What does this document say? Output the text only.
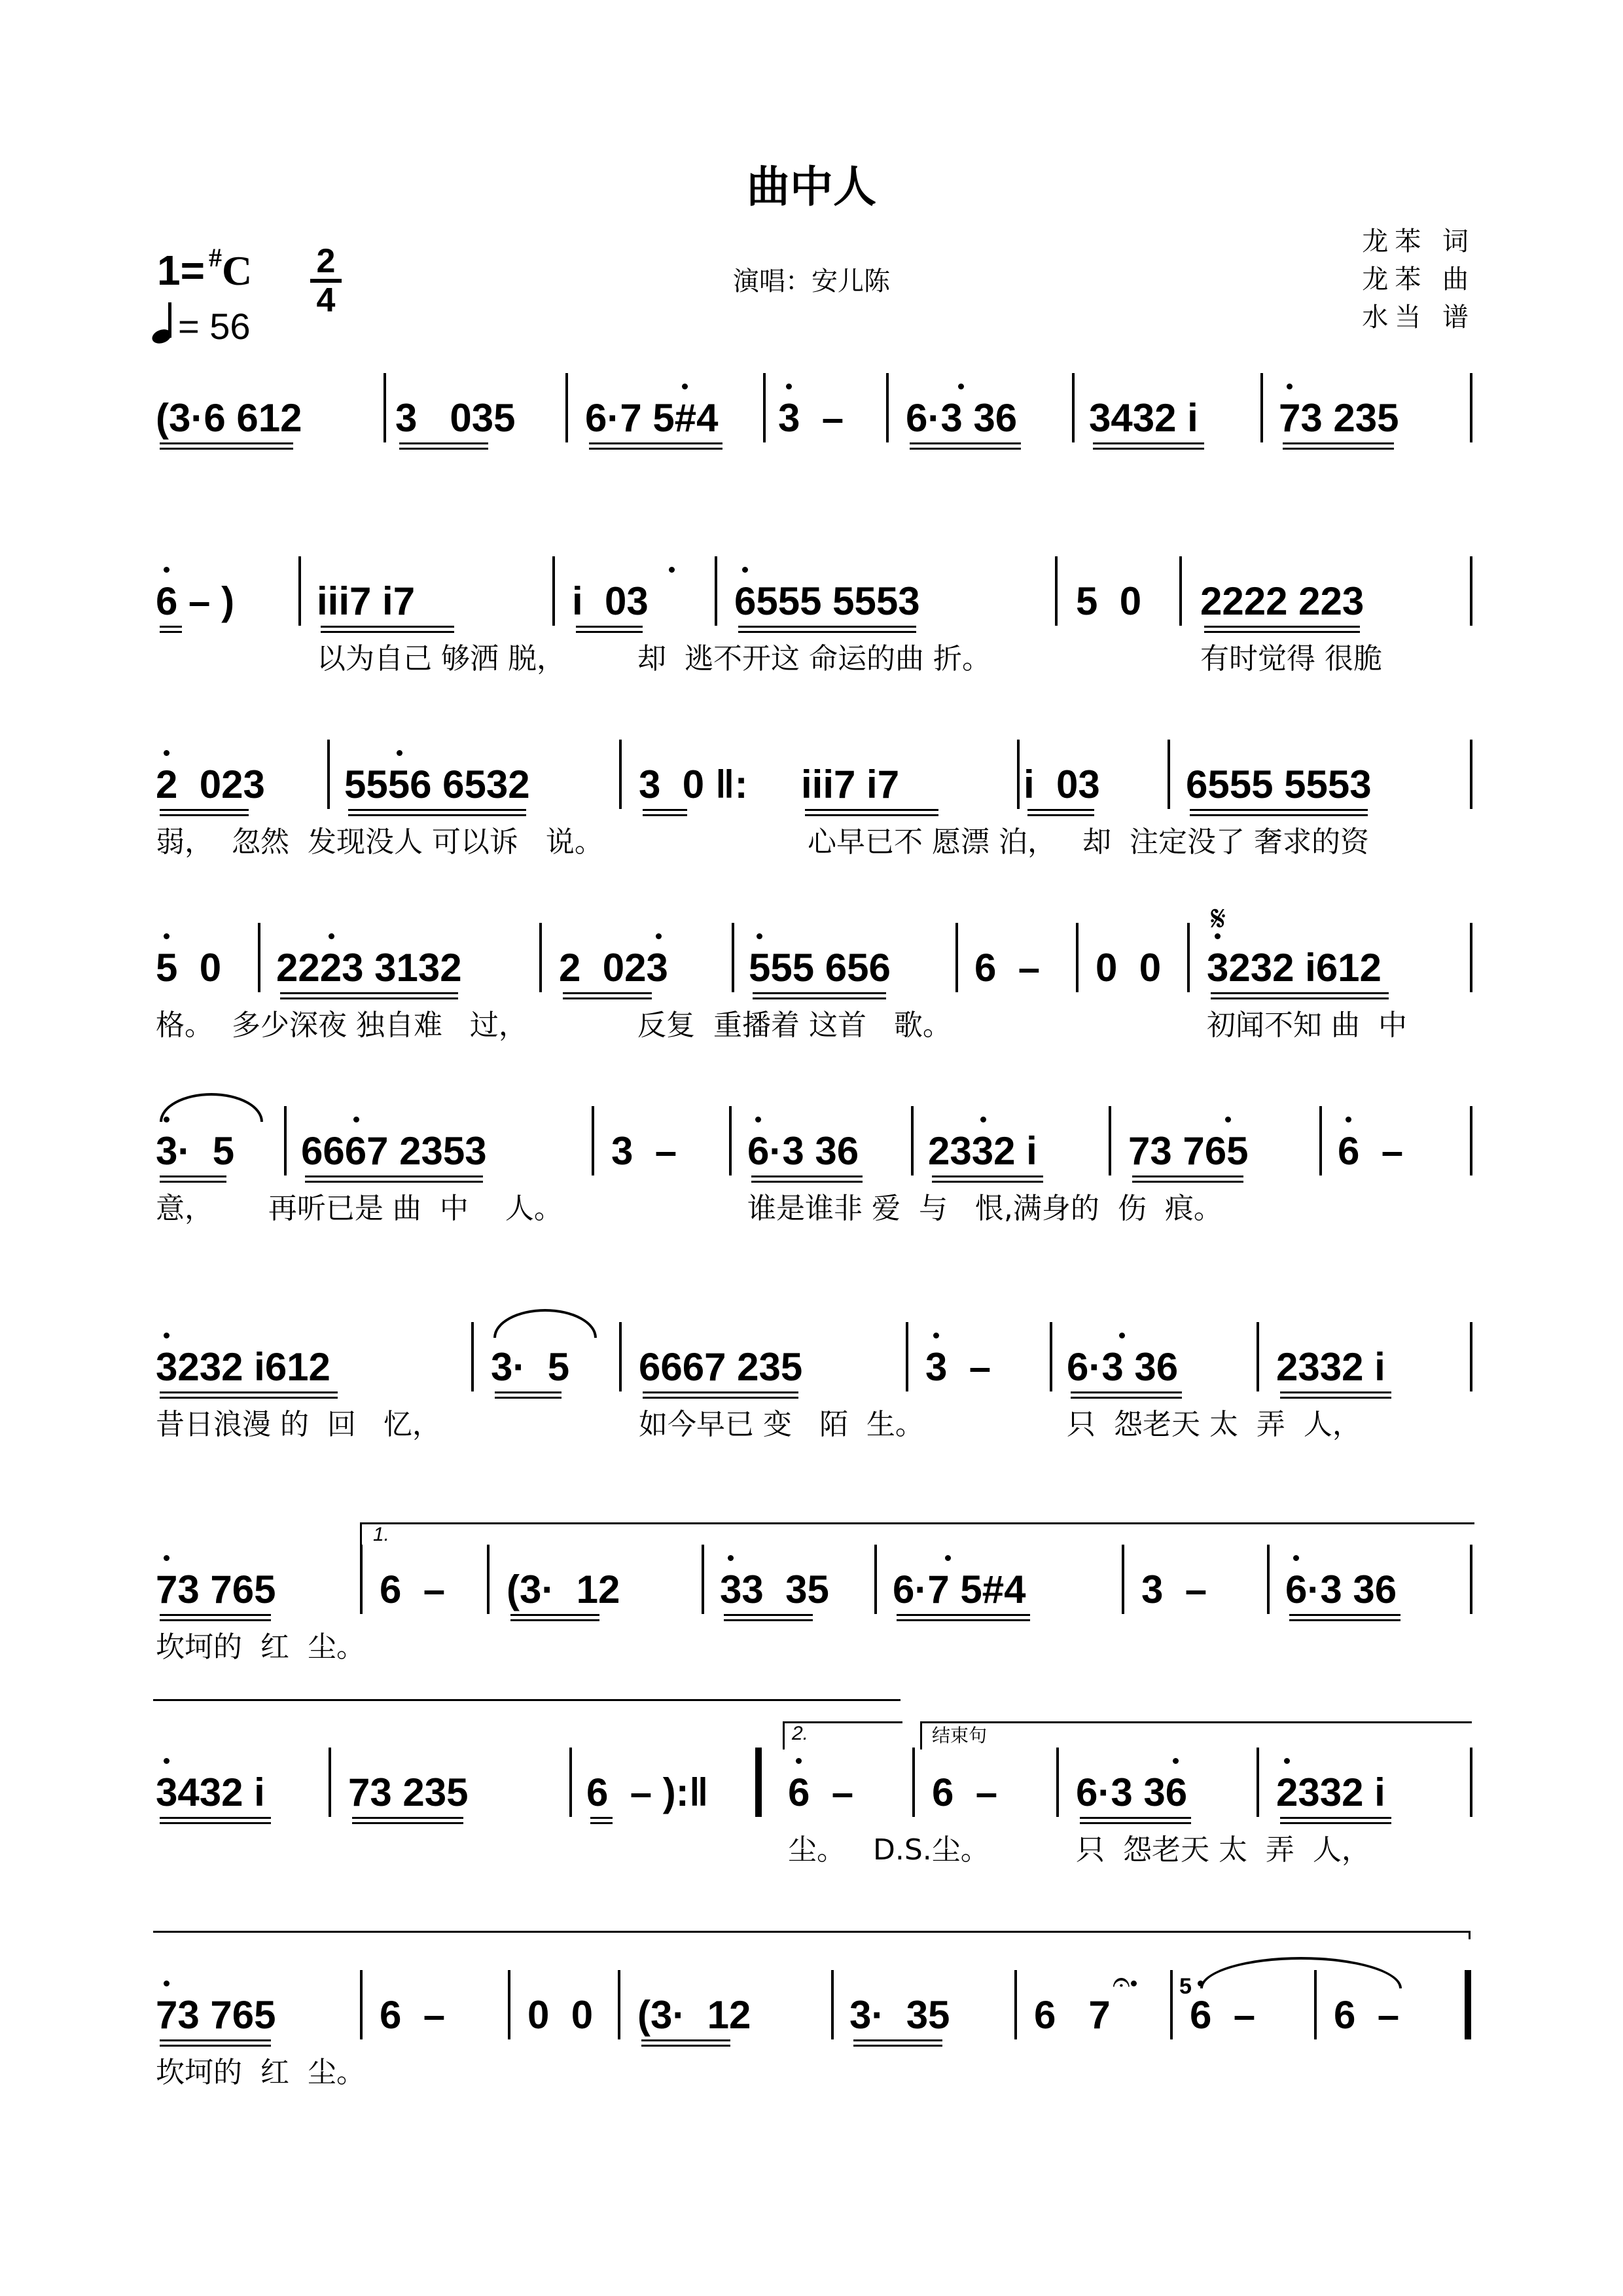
曲中人
演唱：安儿陈
龙苯 词
龙苯 曲
水当 谱
1= #C 2
4
= 56
(3·6 612 3   035 6·7 5#4 3  – 6·3 36 3432 i 73 235
6 – ) iii7 i7	i  03 6555 5553	5  0 2222 223
以为自己 够洒 脱，	却  逃不开这 命运的曲 折。	有时觉得 很脆
2  023 5556 6532	3  0 ‖: iii7 i7	i  03 6555 5553
弱，  忽然  发现没人 可以诉   说。	心早已不 愿漂 泊， 却  注定没了 奢求的资
5  0 2223 3132 2  023 555 656 6  – 0  0 3232 i612
格。  多少深夜 独自难   过，	反复  重播着 这首   歌。	初闻不知 曲  中
3·  5 6667 2353	3  – 6·3 36 2332 i 73 765 6  –
意，      再听已是 曲  中    人。	谁是谁非 爱  与   恨,满身的  伤  痕。
3232 i612	3·  5 6667 235	3  – 6·3 36 2332 i
昔日浪漫 的  回   忆，	如今早已 变   陌  生。	只  怨老天 太  弄  人，
73 765	6  – (3·  12	33  35 6·7 5#4	3  – 6·3 36
坎坷的  红  尘。
1.
3432 i 73 235	6  – ):‖ 6  – 6  – 6·3 36 2332 i
尘。   D.S.尘。	只  怨老天 太  弄  人，
2.	结束句
73 765	6  – 0  0 (3·  12	3·  35 6   7 6  – 6  –
坎坷的  红  尘。
5
𝄋
𝄐
